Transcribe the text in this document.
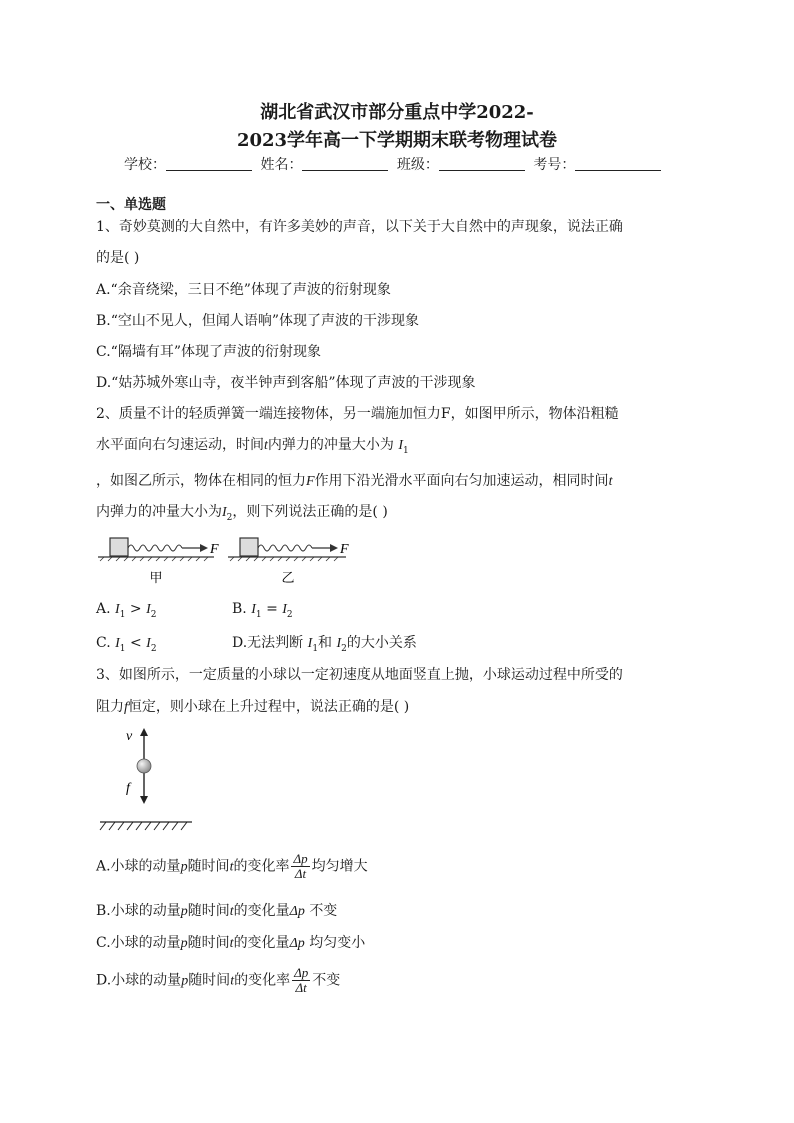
湖北省武汉市部分重点中学2022-
2023学年高一下学期期末联考物理试卷
学校：	姓名：	班级：	考号：
一、单选题
1、奇妙莫测的大自然中，有许多美妙的声音，以下关于大自然中的声现象，说法正确
的是( )
A.“余音绕梁，三日不绝”体现了声波的衍射现象
B.“空山不见人，但闻人语响”体现了声波的干涉现象
C.“隔墙有耳”体现了声波的衍射现象
D.“姑苏城外寒山寺，夜半钟声到客船”体现了声波的干涉现象
2、质量不计的轻质弹簧一端连接物体，另一端施加恒力F，如图甲所示，物体沿粗糙
水平面向右匀速运动，时间t内弹力的冲量大小为 $I_1$
，如图乙所示，物体在相同的恒力F作用下沿光滑水平面向右匀加速运动，相同时间t
内弹力的冲量大小为$I_2$，则下列说法正确的是( )
F
甲
F
乙
A. $I_1 > I_2$	B. $I_1 = I_2$
C. $I_1 < I_2$	D.无法判断 $I_1$和 $I_2$的大小关系
3、如图所示，一定质量的小球以一定初速度从地面竖直上抛，小球运动过程中所受的
阻力f恒定，则小球在上升过程中，说法正确的是( )
v
f
A.小球的动量p随时间t的变化率 $\frac{\Delta p}{\Delta t}$ 均匀增大
B.小球的动量p随时间t的变化量Δp 不变
C.小球的动量p随时间t的变化量Δp 均匀变小
D.小球的动量p随时间t的变化率 $\frac{\Delta p}{\Delta t}$ 不变
